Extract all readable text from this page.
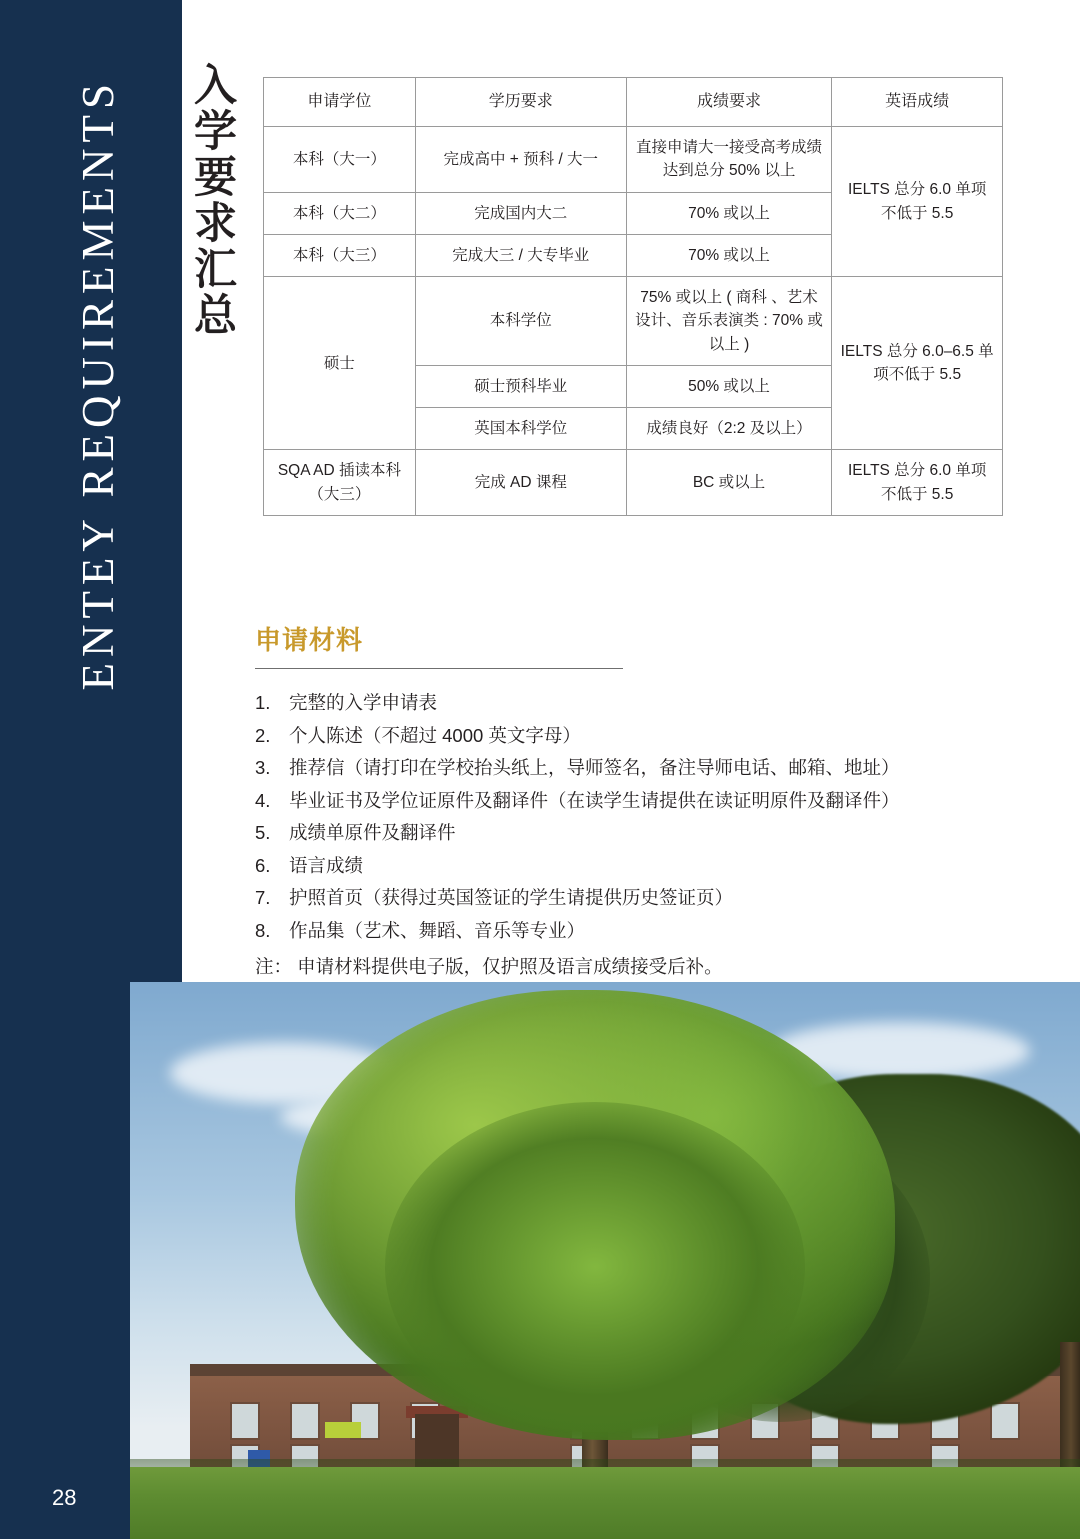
ENTEY REQUIREMENTS
28
入学要求汇总	申请学位	学历要求	成绩要求	英语成绩
本科（大一）	完成高中 + 预科 / 大一	直接申请大一接受高考成绩 达到总分 50% 以上	IELTS 总分 6.0 单项不低于 5.5
本科（大二）	完成国内大二	70% 或以上	
本科（大三）	完成大三 / 大专毕业	70% 或以上	
硕士	本科学位	75% 或以上 ( 商科 、艺术设计、音乐表演类 : 70% 或以上 )	IELTS 总分 6.0–6.5 单项不低于 5.5
	硕士预科毕业	50% 或以上	
	英国本科学位	成绩良好（2:2 及以上）	
SQA AD 插读本科 （大三）	完成 AD 课程	BC 或以上	IELTS 总分 6.0 单项不低于 5.5
申请材料
1.	完整的入学申请表
2.	个人陈述（不超过 4000 英文字母）
3.	推荐信（请打印在学校抬头纸上，导师签名，备注导师电话、邮箱、地址）
4.	毕业证书及学位证原件及翻译件（在读学生请提供在读证明原件及翻译件）
5.	成绩单原件及翻译件
6.	语言成绩
7.	护照首页（获得过英国签证的学生请提供历史签证页）
8.	作品集（艺术、舞蹈、音乐等专业）
注： 申请材料提供电子版，仅护照及语言成绩接受后补。
